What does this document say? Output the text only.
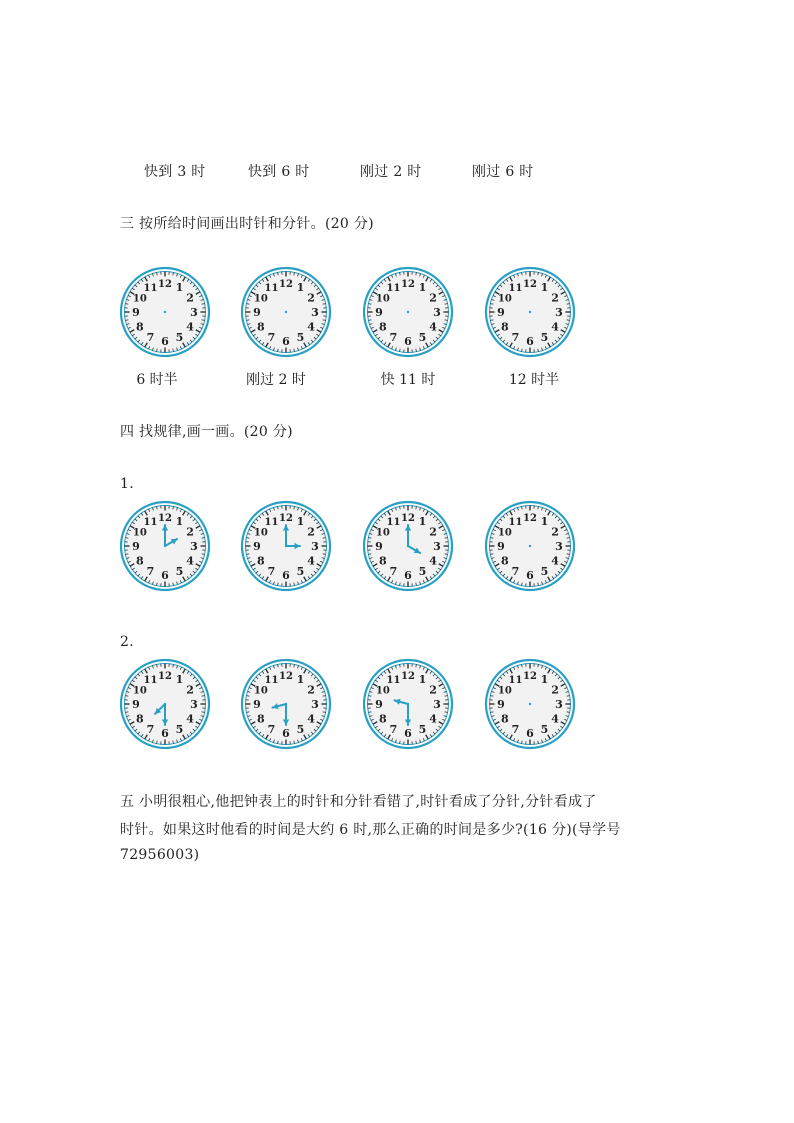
快到 3 时	快到 6 时	刚过 2 时	刚过 6 时
三 按所给时间画出时针和分针。(20 分)
12 1
2
3
4
5
6
7
8
9
10
11	12 1
2
3
4
5
6
7
8
9
10
11	12 1
2
3
4
5
6
7
8
9
10
11	12 1
2
3
4
5
6
7
8
9
10
11
6 时半	刚过 2 时	快 11 时	12 时半
四 找规律,画一画。(20 分)
1.
12 1
2
3
4
5
6
7
8
9
10
11	12 1
2
3
4
5
6
7
8
9
10
11	12 1
2
3
4
5
6
7
8
9
10
11	12 1
2
3
4
5
6
7
8
9
10
11
2.
12 1
2
3
4
5
6
7
8
9
10
11	12 1
2
3
4
5
6
7
8
9
10
11	12 1
2
3
4
5
6
7
8
9
10
11	12 1
2
3
4
5
6
7
8
9
10
11
五 小明很粗心,他把钟表上的时针和分针看错了,时针看成了分针,分针看成了
时针。如果这时他看的时间是大约 6 时,那么正确的时间是多少?(16 分)(导学号
72956003)
